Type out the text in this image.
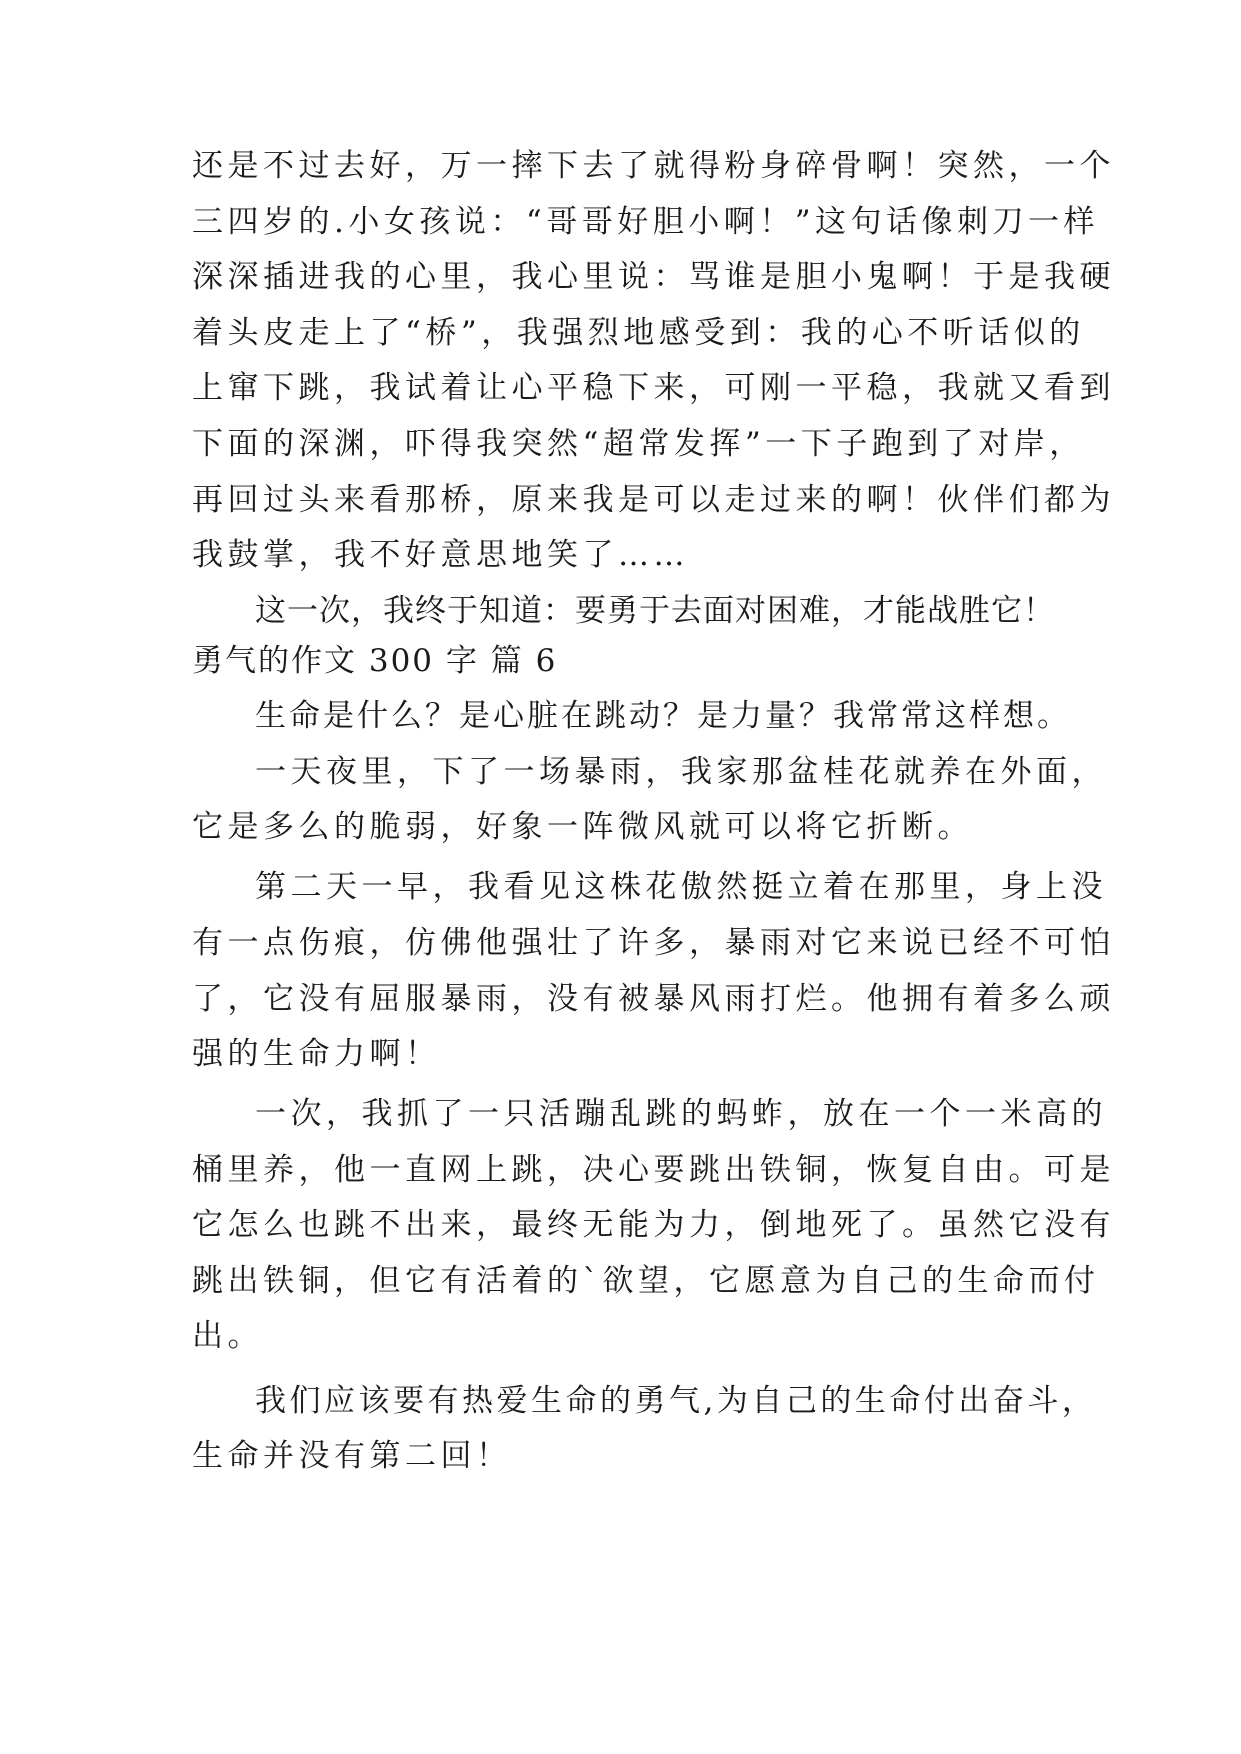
还是不过去好，万一摔下去了就得粉身碎骨啊！突然，一个
三四岁的.小女孩说：“哥哥好胆小啊！”这句话像刺刀一样
深深插进我的心里，我心里说：骂谁是胆小鬼啊！于是我硬
着头皮走上了“桥”，我强烈地感受到：我的心不听话似的
上窜下跳，我试着让心平稳下来，可刚一平稳，我就又看到
下面的深渊，吓得我突然“超常发挥”一下子跑到了对岸，
再回过头来看那桥，原来我是可以走过来的啊！伙伴们都为
我鼓掌，我不好意思地笑了……
这一次，我终于知道：要勇于去面对困难，才能战胜它！
勇气的作文 300 字 篇 6
生命是什么？是心脏在跳动？是力量？我常常这样想。
一天夜里，下了一场暴雨，我家那盆桂花就养在外面，
它是多么的脆弱，好象一阵微风就可以将它折断。
第二天一早，我看见这株花傲然挺立着在那里，身上没
有一点伤痕，仿佛他强壮了许多，暴雨对它来说已经不可怕
了，它没有屈服暴雨，没有被暴风雨打烂。他拥有着多么顽
强的生命力啊！
一次，我抓了一只活蹦乱跳的蚂蚱，放在一个一米高的
桶里养，他一直网上跳，决心要跳出铁铜，恢复自由。可是
它怎么也跳不出来，最终无能为力，倒地死了。虽然它没有
跳出铁铜，但它有活着的`欲望，它愿意为自己的生命而付
出。
我们应该要有热爱生命的勇气,为自己的生命付出奋斗，
生命并没有第二回！
